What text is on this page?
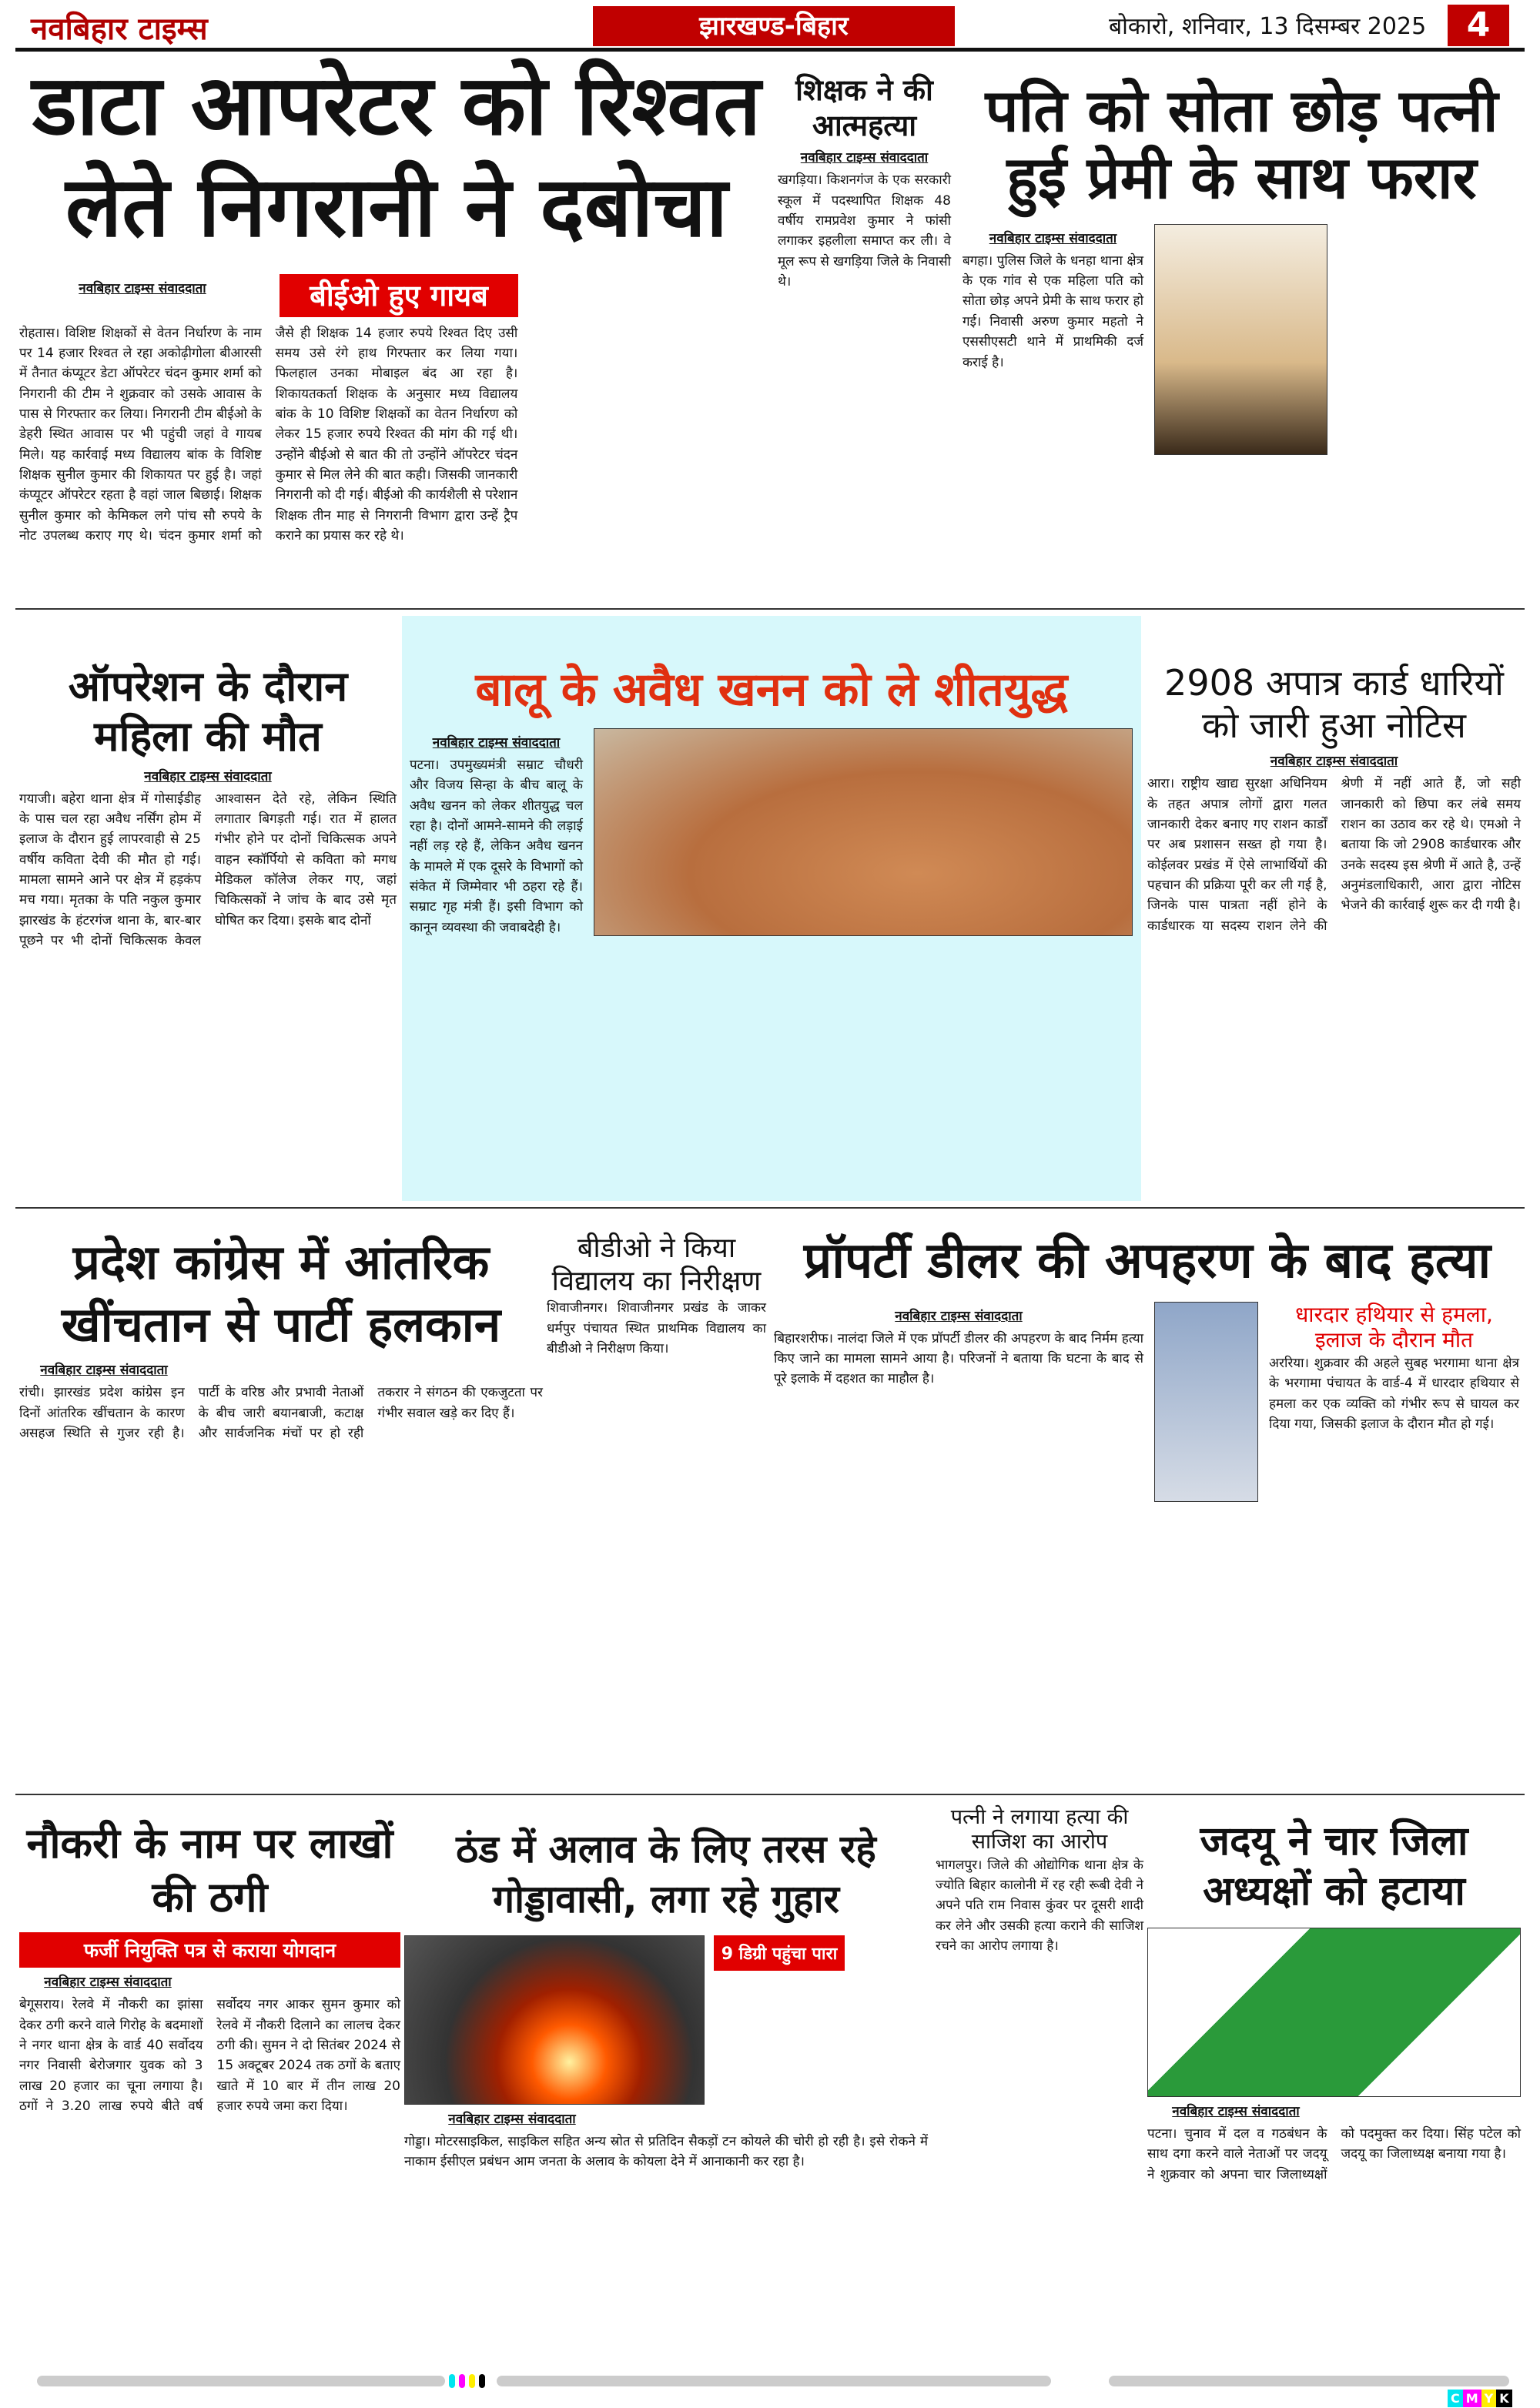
नवबिहार टाइम्स	झारखण्ड-बिहार	बोकारो, शनिवार, 13 दिसम्बर 2025	4
डाटा आपरेटर को रिश्वत लेते निगरानी ने दबोचा
नवबिहार टाइम्स संवाददाता	बीईओ हुए गायब
रोहतास। विशिष्ट शिक्षकों से वेतन निर्धारण के नाम पर 14 हजार रिश्वत ले रहा अकोढ़ीगोला बीआरसी में तैनात कंप्यूटर डेटा ऑपरेटर चंदन कुमार शर्मा को निगरानी की टीम ने शुक्रवार को उसके आवास के पास से गिरफ्तार कर लिया। निगरानी टीम बीईओ के डेहरी स्थित आवास पर भी पहुंची जहां वे गायब मिले। यह कार्रवाई मध्य विद्यालय बांक के विशिष्ट शिक्षक सुनील कुमार की शिकायत पर हुई है। जहां कंप्यूटर ऑपरेटर रहता है वहां जाल बिछाई। शिक्षक सुनील कुमार को केमिकल लगे पांच सौ रुपये के नोट उपलब्ध कराए गए थे। चंदन कुमार शर्मा को जैसे ही शिक्षक 14 हजार रुपये रिश्वत दिए उसी समय उसे रंगे हाथ गिरफ्तार कर लिया गया। फिलहाल उनका मोबाइल बंद आ रहा है। शिकायतकर्ता शिक्षक के अनुसार मध्य विद्यालय बांक के 10 विशिष्ट शिक्षकों का वेतन निर्धारण को लेकर 15 हजार रुपये रिश्वत की मांग की गई थी। उन्होंने बीईओ से बात की तो उन्होंने ऑपरेटर चंदन कुमार से मिल लेने की बात कही। जिसकी जानकारी निगरानी को दी गई। बीईओ की कार्यशैली से परेशान शिक्षक तीन माह से निगरानी विभाग द्वारा उन्हें ट्रैप कराने का प्रयास कर रहे थे।
शिक्षक ने की आत्महत्या
नवबिहार टाइम्स संवाददाता
खगड़िया। किशनगंज के एक सरकारी स्कूल में पदस्थापित शिक्षक 48 वर्षीय रामप्रवेश कुमार ने फांसी लगाकर इहलीला समाप्त कर ली। वे मूल रूप से खगड़िया जिले के निवासी थे।
पति को सोता छोड़ पत्नी हुई प्रेमी के साथ फरार
नवबिहार टाइम्स संवाददाता
बगहा। पुलिस जिले के धनहा थाना क्षेत्र के एक गांव से एक महिला पति को सोता छोड़ अपने प्रेमी के साथ फरार हो गई। निवासी अरुण कुमार महतो ने एससीएसटी थाने में प्राथमिकी दर्ज कराई है।
ऑपरेशन के दौरान महिला की मौत
नवबिहार टाइम्स संवाददाता
गयाजी। बहेरा थाना क्षेत्र में गोसाईडीह के पास चल रहा अवैध नर्सिंग होम में इलाज के दौरान हुई लापरवाही से 25 वर्षीय कविता देवी की मौत हो गई। मामला सामने आने पर क्षेत्र में हड़कंप मच गया। मृतका के पति नकुल कुमार झारखंड के हंटरगंज थाना के, बार-बार पूछने पर भी दोनों चिकित्सक केवल आश्वासन देते रहे, लेकिन स्थिति लगातार बिगड़ती गई। रात में हालत गंभीर होने पर दोनों चिकित्सक अपने वाहन स्कॉर्पियो से कविता को मगध मेडिकल कॉलेज लेकर गए, जहां चिकित्सकों ने जांच के बाद उसे मृत घोषित कर दिया। इसके बाद दोनों
बालू के अवैध खनन को ले शीतयुद्ध
नवबिहार टाइम्स संवाददाता
पटना। उपमुख्यमंत्री सम्राट चौधरी और विजय सिन्हा के बीच बालू के अवैध खनन को लेकर शीतयुद्ध चल रहा है। दोनों आमने-सामने की लड़ाई नहीं लड़ रहे हैं, लेकिन अवैध खनन के मामले में एक दूसरे के विभागों को संकेत में जिम्मेवार भी ठहरा रहे हैं। सम्राट गृह मंत्री हैं। इसी विभाग को कानून व्यवस्था की जवाबदेही है।
2908 अपात्र कार्ड धारियों को जारी हुआ नोटिस
नवबिहार टाइम्स संवाददाता
आरा। राष्ट्रीय खाद्य सुरक्षा अधिनियम के तहत अपात्र लोगों द्वारा गलत जानकारी देकर बनाए गए राशन कार्डों पर अब प्रशासन सख्त हो गया है। कोईलवर प्रखंड में ऐसे लाभार्थियों की पहचान की प्रक्रिया पूरी कर ली गई है, जिनके पास पात्रता नहीं होने के कार्डधारक या सदस्य राशन लेने की श्रेणी में नहीं आते हैं, जो सही जानकारी को छिपा कर लंबे समय राशन का उठाव कर रहे थे। एमओ ने बताया कि जो 2908 कार्डधारक और उनके सदस्य इस श्रेणी में आते है, उन्हें अनुमंडलाधिकारी, आरा द्वारा नोटिस भेजने की कार्रवाई शुरू कर दी गयी है।
प्रदेश कांग्रेस में आंतरिक खींचतान से पार्टी हलकान
नवबिहार टाइम्स संवाददाता
रांची। झारखंड प्रदेश कांग्रेस इन दिनों आंतरिक खींचतान के कारण असहज स्थिति से गुजर रही है। पार्टी के वरिष्ठ और प्रभावी नेताओं के बीच जारी बयानबाजी, कटाक्ष और सार्वजनिक मंचों पर हो रही तकरार ने संगठन की एकजुटता पर गंभीर सवाल खड़े कर दिए हैं।
बीडीओ ने किया विद्यालय का निरीक्षण
शिवाजीनगर। शिवाजीनगर प्रखंड के जाकर धर्मपुर पंचायत स्थित प्राथमिक विद्यालय का बीडीओ ने निरीक्षण किया।
प्रॉपर्टी डीलर की अपहरण के बाद हत्या
नवबिहार टाइम्स संवाददाता
बिहारशरीफ। नालंदा जिले में एक प्रॉपर्टी डीलर की अपहरण के बाद निर्मम हत्या किए जाने का मामला सामने आया है। परिजनों ने बताया कि घटना के बाद से पूरे इलाके में दहशत का माहौल है।
धारदार हथियार से हमला, इलाज के दौरान मौत
अररिया। शुक्रवार की अहले सुबह भरगामा थाना क्षेत्र के भरगामा पंचायत के वार्ड-4 में धारदार हथियार से हमला कर एक व्यक्ति को गंभीर रूप से घायल कर दिया गया, जिसकी इलाज के दौरान मौत हो गई।
नौकरी के नाम पर लाखों की ठगी
फर्जी नियुक्ति पत्र से कराया योगदान
नवबिहार टाइम्स संवाददाता
बेगूसराय। रेलवे में नौकरी का झांसा देकर ठगी करने वाले गिरोह के बदमाशों ने नगर थाना क्षेत्र के वार्ड 40 सर्वोदय नगर निवासी बेरोजगार युवक को 3 लाख 20 हजार का चूना लगाया है। ठगों ने 3.20 लाख रुपये बीते वर्ष सर्वोदय नगर आकर सुमन कुमार को रेलवे में नौकरी दिलाने का लालच देकर ठगी की। सुमन ने दो सितंबर 2024 से 15 अक्टूबर 2024 तक ठगों के बताए खाते में 10 बार में तीन लाख 20 हजार रुपये जमा करा दिया।
ठंड में अलाव के लिए तरस रहे गोड्डावासी, लगा रहे गुहार
9 डिग्री पहुंचा पारा
नवबिहार टाइम्स संवाददाता
गोड्डा। मोटरसाइकिल, साइकिल सहित अन्य स्रोत से प्रतिदिन सैकड़ों टन कोयले की चोरी हो रही है। इसे रोकने में नाकाम ईसीएल प्रबंधन आम जनता के अलाव के कोयला देने में आनाकानी कर रहा है।
पत्नी ने लगाया हत्या की साजिश का आरोप
भागलपुर। जिले की ओद्योगिक थाना क्षेत्र के ज्योति बिहार कालोनी में रह रही रूबी देवी ने अपने पति राम निवास कुंवर पर दूसरी शादी कर लेने और उसकी हत्या कराने की साजिश रचने का आरोप लगाया है।
जदयू ने चार जिला अध्यक्षों को हटाया
नवबिहार टाइम्स संवाददाता
पटना। चुनाव में दल व गठबंधन के साथ दगा करने वाले नेताओं पर जदयू ने शुक्रवार को अपना चार जिलाध्यक्षों को पदमुक्त कर दिया। सिंह पटेल को जदयू का जिलाध्यक्ष बनाया गया है।
C M Y K
